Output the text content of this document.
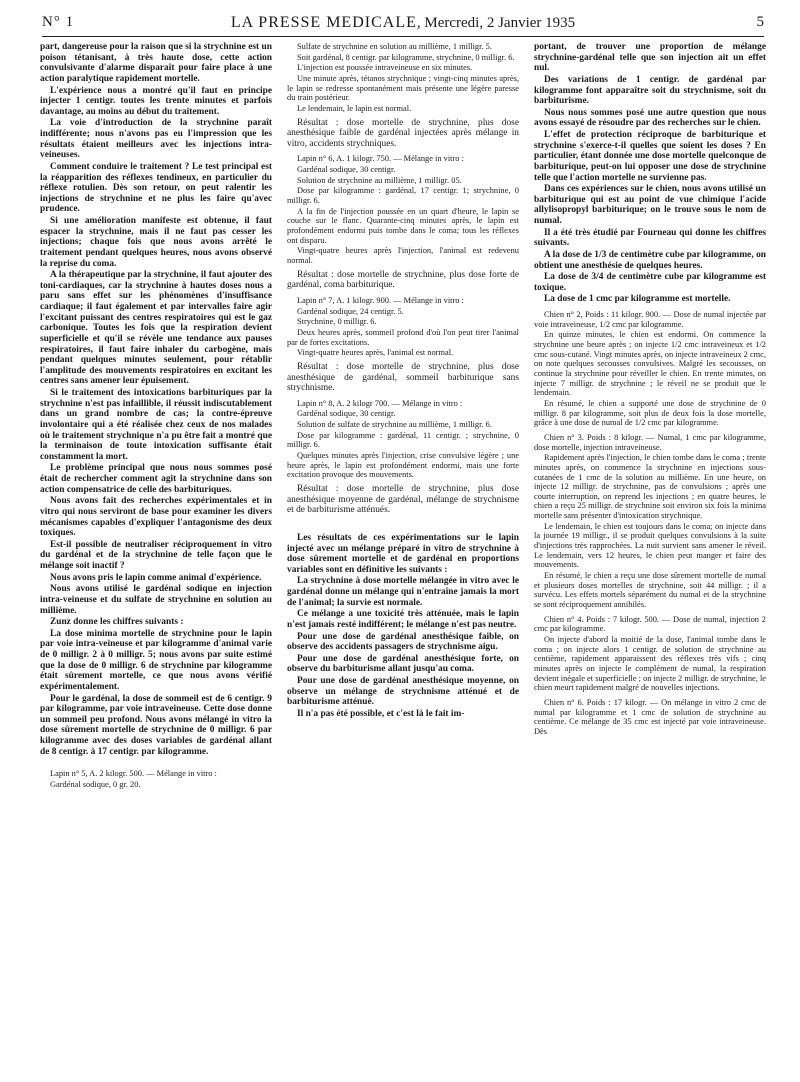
N° 1	LA PRESSE MEDICALE, Mercredi, 2 Janvier 1935	5

part, dangereuse pour la raison que si la strychnine est un poison tétanisant, à très haute dose, cette action convulsivante d'alarme disparaît pour faire place à une action paralytique rapidement mortelle.

L'expérience nous a montré qu'il faut en principe injecter 1 centigr. toutes les trente minutes et parfois davantage, au moins au début du traitement.

La voie d'introduction de la strychnine paraît indifférente; nous n'avons pas eu l'impression que les résultats étaient meilleurs avec les injections intra-veineuses.

Comment conduire le traitement ? Le test principal est la réapparition des réflexes tendineux, en particulier du réflexe rotulien. Dès son retour, on peut ralentir les injections de strychnine et ne plus les faire qu'avec prudence.

Si une amélioration manifeste est obtenue, il faut espacer la strychnine, mais il ne faut pas cesser les injections; chaque fois que nous avons arrêté le traitement pendant quelques heures, nous avons observé la reprise du coma.

A la thérapeutique par la strychnine, il faut ajouter des toni-cardiaques, car la strychnine à hautes doses nous a paru sans effet sur les phénomènes d'insuffisance cardiaque; il faut également et par intervalles faire agir l'excitant puissant des centres respiratoires qui est le gaz carbonique. Toutes les fois que la respiration devient superficielle et qu'il se révèle une tendance aux pauses respiratoires, il faut faire inhaler du carbogène, mais pendant quelques minutes seulement, pour rétablir l'amplitude des mouvements respiratoires en excitant les centres sans amener leur épuisement.

Si le traitement des intoxications barbituriques par la strychnine n'est pas infaillible, il réussit indiscutablement dans un grand nombre de cas; la contre-épreuve involontaire qui a été réalisée chez ceux de nos malades où le traitement strychnique n'a pu être fait a montré que la terminaison de toute intoxication suffisante était constamment la mort.

Le problème principal que nous nous sommes posé était de rechercher comment agit la strychnine dans son action compensatrice de celle des barbituriques.

Nous avons fait des recherches expérimentales et in vitro qui nous serviront de base pour examiner les divers mécanismes capables d'expliquer l'antagonisme des deux toxiques.

Est-il possible de neutraliser réciproquement in vitro du gardénal et de la strychnine de telle façon que le mélange soit inactif ?

Nous avons pris le lapin comme animal d'expérience.

Nous avons utilisé le gardénal sodique en injection intra-veineuse et du sulfate de strychnine en solution au millième.

Zunz donne les chiffres suivants :

La dose minima mortelle de strychnine pour le lapin par voie intra-veineuse et par kilogramme d'animal varie de 0 milligr. 2 à 0 milligr. 5; nous avons par suite estimé que la dose de 0 milligr. 6 de strychnine par kilogramme était sûrement mortelle, ce que nous avons vérifié expérimentalement.

Pour le gardénal, la dose de sommeil est de 6 centigr. 9 par kilogramme, par voie intraveineuse. Cette dose donne un sommeil peu profond. Nous avons mélangé in vitro la dose sûrement mortelle de strychnine de 0 milligr. 6 par kilogramme avec des doses variables de gardénal allant de 8 centigr. à 17 centigr. par kilogramme.

Lapin n° 5, A. 2 kilogr. 500. — Mélange in vitro :

Gardénal sodique, 0 gr. 20.

Sulfate de strychnine en solution au millième, 1 milligr. 5.

Soit gardénal, 8 centigr. par kilogramme, strychnine, 0 milligr. 6.

L'injection est poussée intraveineuse en six minutes.

Une minute après, tétanos strychnique ; vingt-cinq minutes après, le lapin se redresse spontanément mais présente une légère paresse du train postérieur.

Le lendemain, le lapin est normal.

Résultat : dose mortelle de strychnine, plus dose anesthésique faible de gardénal injectées après mélange in vitro, accidents strychniques.

Lapin n° 6, A. 1 kilogr. 750. — Mélange in vitro :

Gardénal sodique, 30 centigr.

Solution de strychnine au millième, 1 milligr. 05.

Dose par kilogramme : gardénal, 17 centigr. 1; strychnine, 0 milligr. 6.

A la fin de l'injection poussée en un quart d'heure, le lapin se couche sur le flanc. Quarante-cinq minutes après, le lapin est profondément endormi puis tombe dans le coma; tous les réflexes ont disparu.

Vingt-quatre heures après l'injection, l'animal est redevenu normal.

Résultat : dose mortelle de strychnine, plus dose forte de gardénal, coma barbiturique.

Lapin n° 7, A. 1 kilogr. 900. — Mélange in vitro :

Gardénal sodique, 24 centigr. 5.

Strychnine, 0 milligr. 6.

Deux heures après, sommeil profond d'où l'on peut tirer l'animal par de fortes excitations.

Vingt-quatre heures après, l'animal est normal.

Résultat : dose mortelle de strychnine, plus dose anesthésique de gardénal, sommeil barbiturique sans strychnisme.

Lapin n° 8, A. 2 kilogr 700. — Mélange in vitro :

Gardénal sodique, 30 centigr.

Solution de sulfate de strychnine au millième, 1 milligr. 6.

Dose par kilogramme : gardénal, 11 centigr. ; strychnine, 0 milligr. 6.

Quelques minutes après l'injection, crise convulsive légère ; une heure après, le lapin est profondément endormi, mais une forte excitation provoque des mouvements.

Résultat : dose mortelle de strychnine, plus dose anesthésique moyenne de gardénal, mélange de strychnisme et de barbiturisme atténués.

Les résultats de ces expérimentations sur le lapin injecté avec un mélange préparé in vitro de strychnine à dose sûrement mortelle et de gardénal en proportions variables sont en définitive les suivants :

La strychnine à dose mortelle mélangée in vitro avec le gardénal donne un mélange qui n'entraîne jamais la mort de l'animal; la survie est normale.

Ce mélange a une toxicité très atténuée, mais le lapin n'est jamais resté indifférent; le mélange n'est pas neutre.

Pour une dose de gardénal anesthésique faible, on observe des accidents passagers de strychnisme aigu.

Pour une dose de gardénal anesthésique forte, on observe du barbiturisme allant jusqu'au coma.

Pour une dose de gardénal anesthésique moyenne, on observe un mélange de strychnisme atténué et de barbiturisme atténué.

Il n'a pas été possible, et c'est là le fait im-

portant, de trouver une proportion de mélange strychnine-gardénal telle que son injection ait un effet nul.

Des variations de 1 centigr. de gardénal par kilogramme font apparaître soit du strychnisme, soit du barbiturisme.

Nous nous sommes posé une autre question que nous avons essayé de résoudre par des recherches sur le chien.

L'effet de protection réciproque de barbiturique et strychnine s'exerce-t-il quelles que soient les doses ? En particulier, étant donnée une dose mortelle quelconque de barbiturique, peut-on lui opposer une dose de strychnine telle que l'action mortelle ne survienne pas.

Dans ces expériences sur le chien, nous avons utilisé un barbiturique qui est au point de vue chimique l'acide allylisopropyl barbiturique; on le trouve sous le nom de numal.

Il a été très étudié par Fourneau qui donne les chiffres suivants.

A la dose de 1/3 de centimètre cube par kilogramme, on obtient une anesthésie de quelques heures.

La dose de 3/4 de centimètre cube par kilogramme est toxique.

La dose de 1 cmc par kilogramme est mortelle.

Chien n° 2, Poids : 11 kilogr. 900. — Dose de numal injectée par voie intraveineuse, 1/2 cmc par kilogramme.

En quinze minutes, le chien est endormi. On commence la strychnine une heure après ; on injecte 1/2 cmc intraveineux et 1/2 cmc sous-cutané. Vingt minutes après, on injecte intraveineux 2 cmc, on note quelques secousses convulsives. Malgré les secousses, on continue la strychnine pour réveiller le chien. En trente minutes, on injecte 7 milligr. de strychnine ; le réveil ne se produit que le lendemain.

En résumé, le chien a supporté une dose de strychnine de 0 milligr. 8 par kilogramme, soit plus de deux fois la dose mortelle, grâce à une dose de numal de 1/2 cmc par kilogramme.

Chien n° 3. Poids : 8 kilogr. — Numal, 1 cmc par kilogramme, dose mortelle, injection intraveineuse.

Rapidement après l'injection, le chien tombe dans le coma ; trente minutes après, on commence la strychnine en injections sous-cutanées de 1 cmc de la solution au millième. En une heure, on injecte 12 milligr. de strychnine, pas de convulsions ; après une courte interruption, on reprend les injections ; en quatre heures, le chien a reçu 25 milligr. de strychnine soit environ six fois la minima mortelle sans présenter d'intoxication strychnique.

Le lendemain, le chien est toujours dans le coma; on injecte dans la journée 19 milligr., il se produit quelques convulsions à la suite d'injections très rapprochées. La nuit survient sans amener le réveil. Le lendemain, vers 12 heures, le chien peut manger et faire des mouvements.

En résumé, le chien a reçu une dose sûrement mortelle de numal et plusieurs doses mortelles de strychnine, soit 44 milligr. ; il a survécu. Les effets mortels séparément du numal et de la strychnine se sont réciproquement annihilés.

Chien n° 4. Poids : 7 kilogr. 500. — Dose de numal, injection 2 cmc par kilogramme.

On injecte d'abord la moitié de la dose, l'animal tombe dans le coma ; on injecte alors 1 centigr. de solution de strychnine au centième, rapidement apparaissent des réflexes très vifs ; cinq minutes après on injecte le complément de numal, la respiration devient inégale et superficielle ; on injecte 2 milligr. de strychnine, le chien meurt rapidement malgré de nouvelles injections.

Chien n° 6. Poids : 17 kilogr. — On mélange in vitro 2 cmc de numal par kilogramme et 1 cmc de solution de strychnine au centième. Ce mélange de 35 cmc est injecté par voie intraveineuse. Dès
